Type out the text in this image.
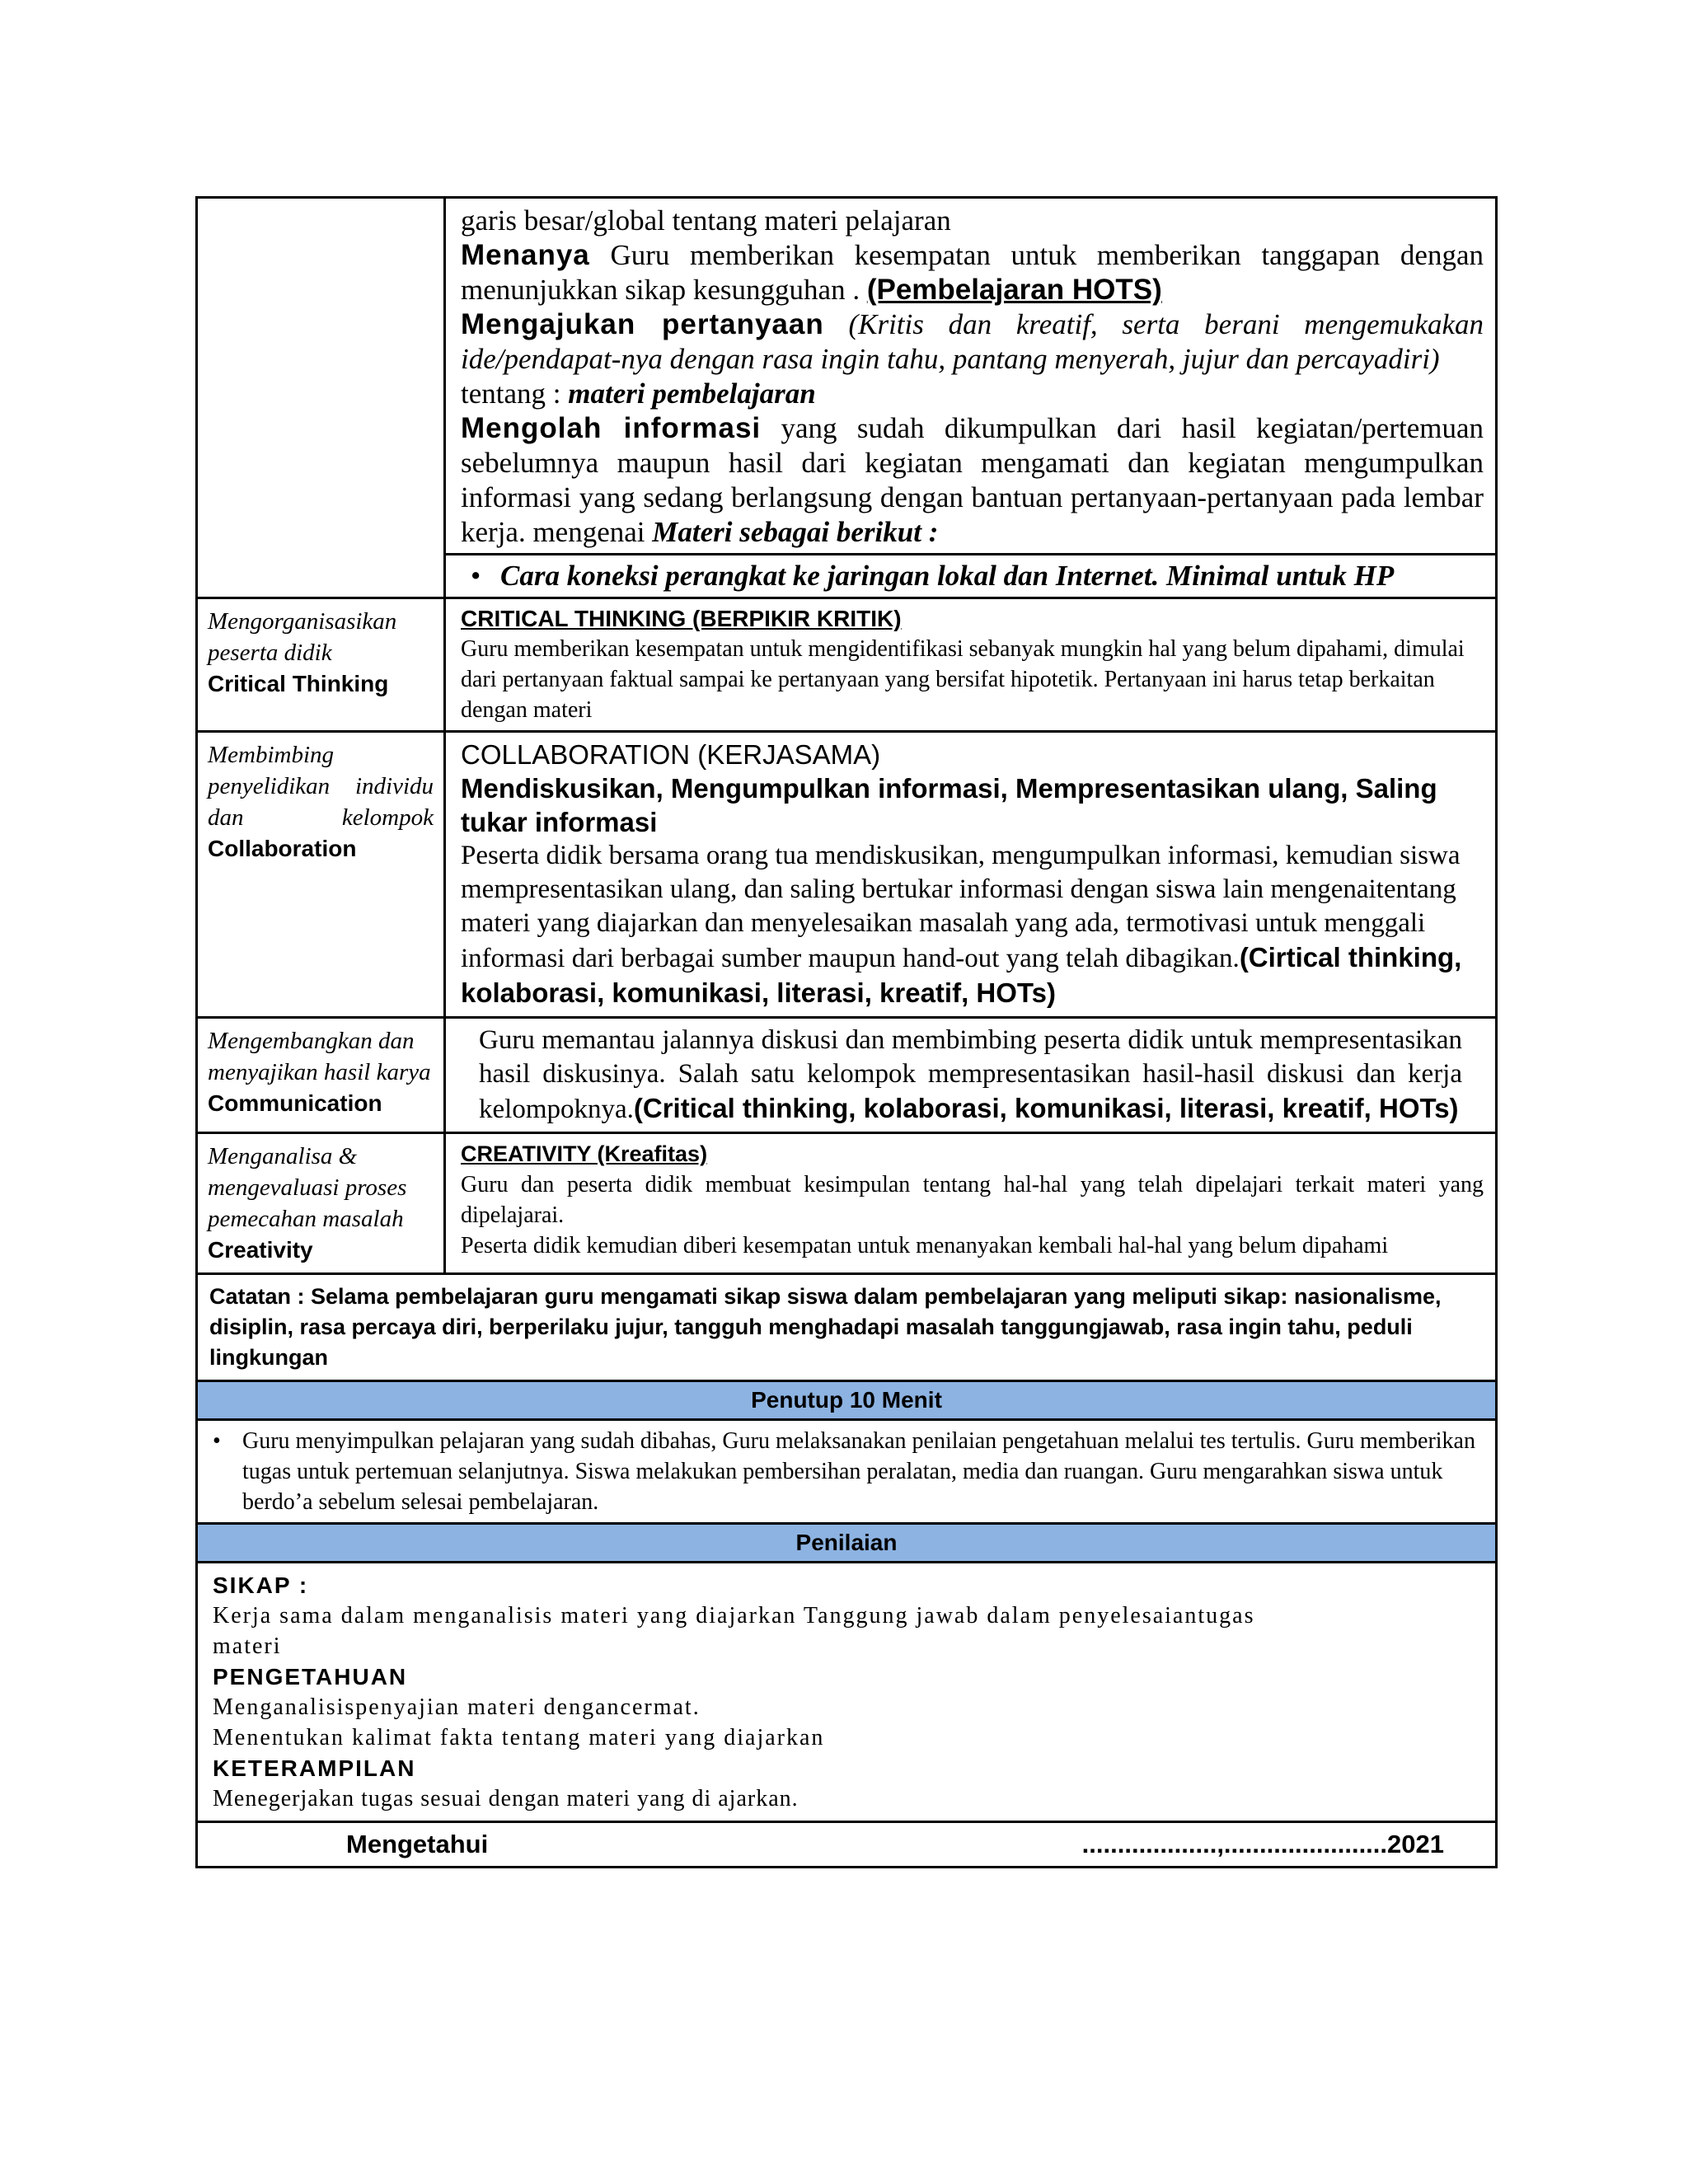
garis besar/global tentang materi pelajaran
Menanya Guru memberikan kesempatan untuk memberikan tanggapan dengan menunjukkan sikap kesungguhan . (Pembelajaran HOTS)
Mengajukan pertanyaan (Kritis dan kreatif, serta berani mengemukakan ide/pendapat-nya dengan rasa ingin tahu, pantang menyerah, jujur dan percayadiri)
tentang : materi pembelajaran
Mengolah informasi yang sudah dikumpulkan dari hasil kegiatan/pertemuan sebelumnya maupun hasil dari kegiatan mengamati dan kegiatan mengumpulkan informasi yang sedang berlangsung dengan bantuan pertanyaan-pertanyaan pada lembar kerja. mengenai Materi sebagai berikut :
• Cara koneksi perangkat ke jaringan lokal dan Internet. Minimal untuk HP
Mengorganisasikan peserta didik
Critical Thinking
CRITICAL THINKING (BERPIKIR KRITIK)
Guru memberikan kesempatan untuk mengidentifikasi sebanyak mungkin hal yang belum dipahami, dimulai dari pertanyaan faktual sampai ke pertanyaan yang bersifat hipotetik. Pertanyaan ini harus tetap berkaitan dengan materi
Membimbing penyelidikan individu dan kelompok
Collaboration
COLLABORATION (KERJASAMA)
Mendiskusikan, Mengumpulkan informasi, Mempresentasikan ulang, Saling tukar informasi
Peserta didik bersama orang tua mendiskusikan, mengumpulkan informasi, kemudian siswa mempresentasikan ulang, dan saling bertukar informasi dengan siswa lain mengenaitentang materi yang diajarkan dan menyelesaikan masalah yang ada, termotivasi untuk menggali informasi dari berbagai sumber maupun hand-out yang telah dibagikan.(Cirtical thinking, kolaborasi, komunikasi, literasi, kreatif, HOTs)
Mengembangkan dan menyajikan hasil karya
Communication
Guru memantau jalannya diskusi dan membimbing peserta didik untuk mempresentasikan hasil diskusinya. Salah satu kelompok mempresentasikan hasil-hasil diskusi dan kerja kelompoknya.(Critical thinking, kolaborasi, komunikasi, literasi, kreatif, HOTs)
Menganalisa & mengevaluasi proses pemecahan masalah
Creativity
CREATIVITY (Kreafitas)
Guru dan peserta didik membuat kesimpulan tentang hal-hal yang telah dipelajari terkait materi yang dipelajarai.
Peserta didik kemudian diberi kesempatan untuk menanyakan kembali hal-hal yang belum dipahami
Catatan : Selama pembelajaran guru mengamati sikap siswa dalam pembelajaran yang meliputi sikap: nasionalisme, disiplin, rasa percaya diri, berperilaku jujur, tangguh menghadapi masalah tanggungjawab, rasa ingin tahu, peduli lingkungan
Penutup 10 Menit
• Guru menyimpulkan pelajaran yang sudah dibahas, Guru melaksanakan penilaian pengetahuan melalui tes tertulis. Guru memberikan tugas untuk pertemuan selanjutnya. Siswa melakukan pembersihan peralatan, media dan ruangan. Guru mengarahkan siswa untuk berdo’a sebelum selesai pembelajaran.
Penilaian
SIKAP :
Kerja sama dalam menganalisis materi yang diajarkan Tanggung jawab dalam penyelesaiantugas materi
PENGETAHUAN
Menganalisispenyajian materi dengancermat.
Menentukan kalimat fakta tentang materi yang diajarkan
KETERAMPILAN
Menegerjakan tugas sesuai dengan materi yang di ajarkan.
Mengetahui	...................,.......................2021
